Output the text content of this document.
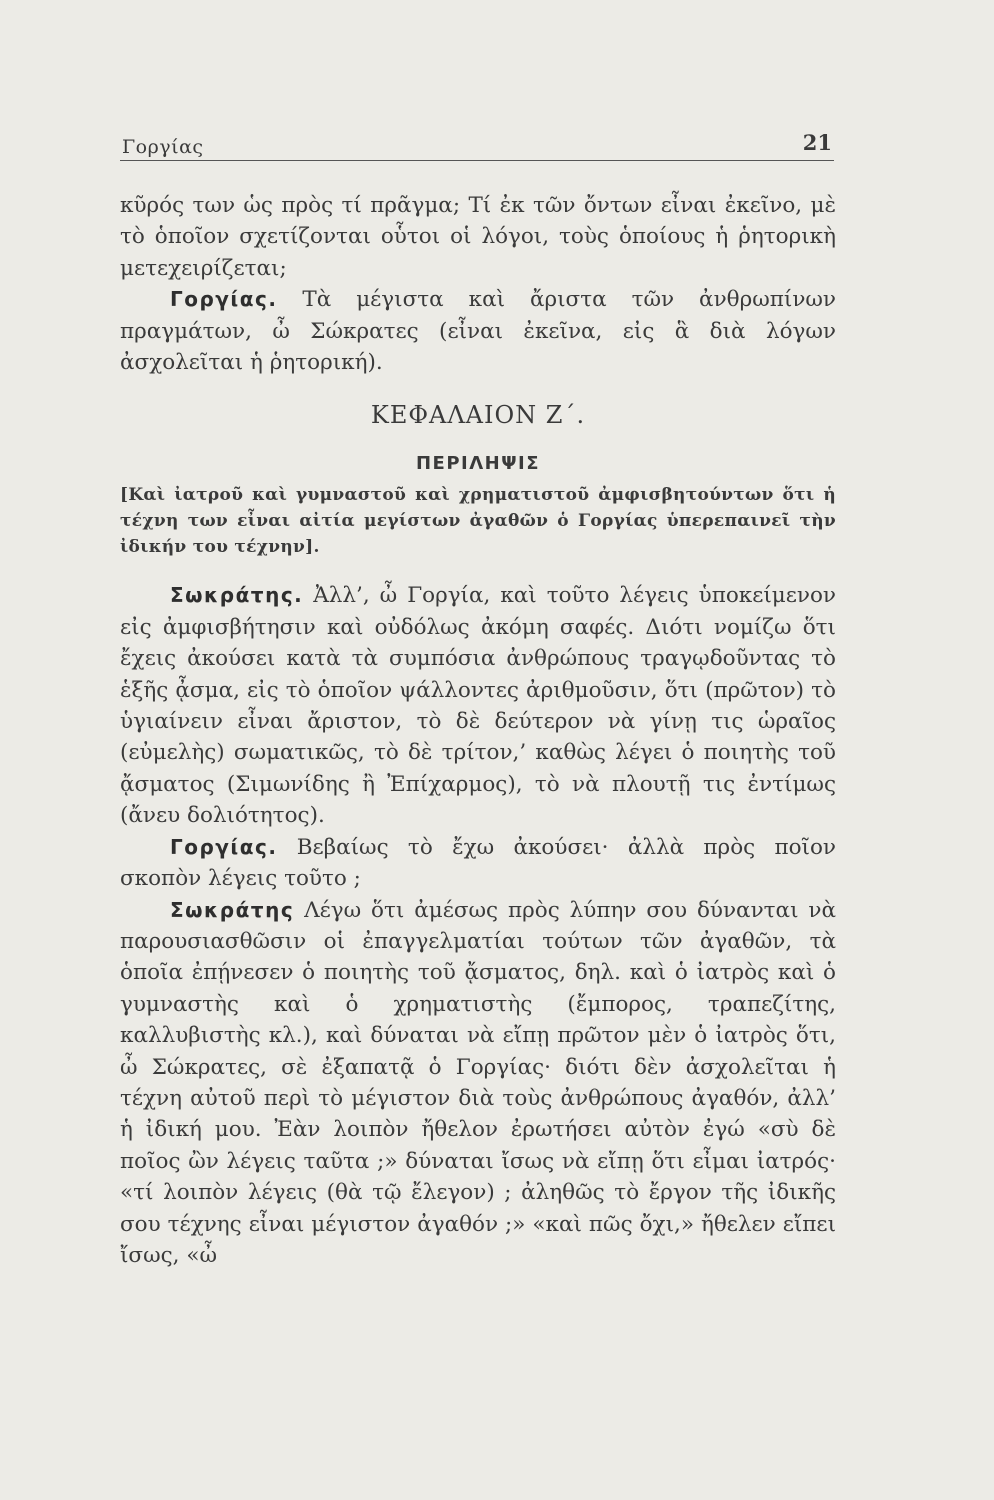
Γοργίας	21

κῦρός των ὡς πρὸς τί πρᾶγμα; Τί ἐκ τῶν ὄντων εἶναι ἐκεῖνο, μὲ τὸ ὁποῖον σχετίζονται οὗτοι οἱ λόγοι, τοὺς ὁποίους ἡ ῥητορικὴ μετεχειρίζεται;

Γοργίας. Τὰ μέγιστα καὶ ἄριστα τῶν ἀνθρωπίνων πραγμάτων, ὦ Σώκρατες (εἶναι ἐκεῖνα, εἰς ἃ διὰ λόγων ἀσχολεῖται ἡ ῥητορική).

ΚΕΦΑΛΑΙΟΝ Ζ΄.
ΠΕΡΙΛΗΨΙΣ

[Καὶ ἰατροῦ καὶ γυμναστοῦ καὶ χρηματιστοῦ ἀμφισβητούντων ὅτι ἡ τέχνη των εἶναι αἰτία μεγίστων ἀγαθῶν ὁ Γοργίας ὑπερεπαινεῖ τὴν ἰδικήν του τέχνην].

Σωκράτης. Ἀλλ’, ὦ Γοργία, καὶ τοῦτο λέγεις ὑποκείμενον εἰς ἀμφισβήτησιν καὶ οὐδόλως ἀκόμη σαφές. Διότι νομίζω ὅτι ἔχεις ἀκούσει κατὰ τὰ συμπόσια ἀνθρώπους τραγῳδοῦντας τὸ ἑξῆς ᾆσμα, εἰς τὸ ὁποῖον ψάλλοντες ἀριθμοῦσιν, ὅτι (πρῶτον) τὸ ὑγιαίνειν εἶναι ἄριστον, τὸ δὲ δεύτερον νὰ γίνῃ τις ὡραῖος (εὐμελὴς) σωματικῶς, τὸ δὲ τρίτον,’ καθὼς λέγει ὁ ποιητὴς τοῦ ᾄσματος (Σιμωνίδης ἢ Ἐπίχαρμος), τὸ νὰ πλουτῇ τις ἐντίμως (ἄνευ δολιότητος).

Γοργίας. Βεβαίως τὸ ἔχω ἀκούσει· ἀλλὰ πρὸς ποῖον σκοπὸν λέγεις τοῦτο ;

Σωκράτης Λέγω ὅτι ἀμέσως πρὸς λύπην σου δύνανται νὰ παρουσιασθῶσιν οἱ ἐπαγγελματίαι τούτων τῶν ἀγαθῶν, τὰ ὁποῖα ἐπῄνεσεν ὁ ποιητὴς τοῦ ᾄσματος, δηλ. καὶ ὁ ἰατρὸς καὶ ὁ γυμναστὴς καὶ ὁ χρηματιστὴς (ἔμπορος, τραπεζίτης, καλλυβιστὴς κλ.), καὶ δύναται νὰ εἴπῃ πρῶτον μὲν ὁ ἰατρὸς ὅτι, ὦ Σώκρατες, σὲ ἐξαπατᾷ ὁ Γοργίας· διότι δὲν ἀσχολεῖται ἡ τέχνη αὐτοῦ περὶ τὸ μέγιστον διὰ τοὺς ἀνθρώπους ἀγαθόν, ἀλλ’ ἡ ἰδική μου. Ἐὰν λοιπὸν ἤθελον ἐρωτήσει αὐτὸν ἐγώ «σὺ δὲ ποῖος ὢν λέγεις ταῦτα ;» δύναται ἴσως νὰ εἴπῃ ὅτι εἶμαι ἰατρός· «τί λοιπὸν λέγεις (θὰ τῷ ἔλεγον) ; ἀληθῶς τὸ ἔργον τῆς ἰδικῆς σου τέχνης εἶναι μέγιστον ἀγαθόν ;» «καὶ πῶς ὄχι,» ἤθελεν εἴπει ἴσως, «ὦ
